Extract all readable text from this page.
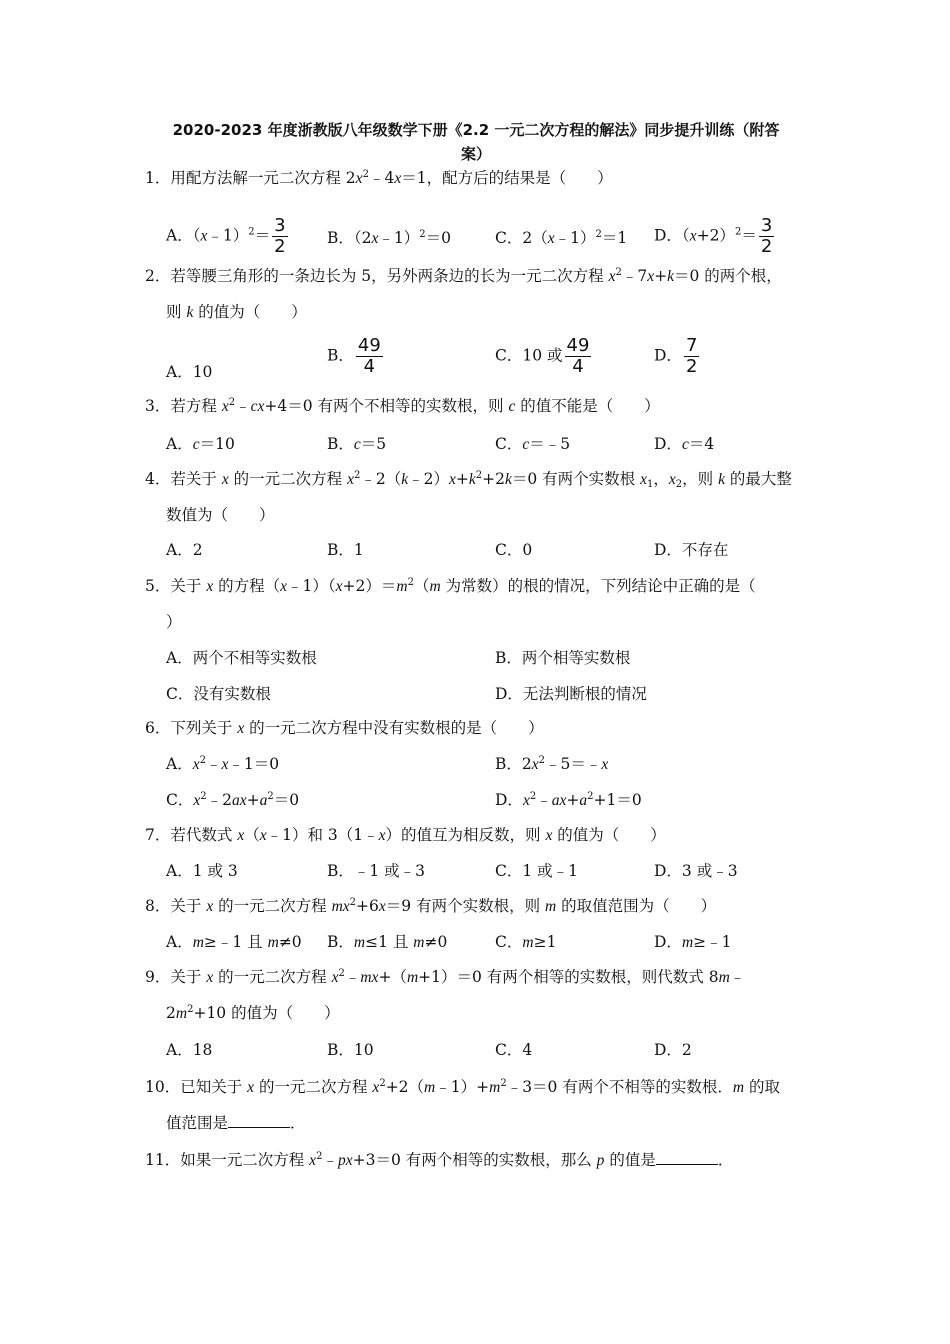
2020-2023 年度浙教版八年级数学下册《2.2 一元二次方程的解法》同步提升训练（附答
案）
1．用配方法解一元二次方程 $2x^2﹣4x=1$，配方后的结果是（　　）
A．（x﹣1）$^2$＝ $\frac{3}{2}$	B．（2x﹣1）$^2$＝0	C．2（x﹣1）$^2$＝1 D．$(x+2)^2= \frac{3}{2}$
2．若等腰三角形的一条边长为 5，另外两条边的长为一元二次方程 $x^2﹣7x+k=0$ 的两个根，
则 k 的值为（　　）
A．10
B． $\frac{49}{4}$	C．10 或 $\frac{49}{4}$	D． $\frac{7}{2}$
3．若方程 $x^2﹣cx+4=0$ 有两个不相等的实数根，则 c 的值不能是（　　）
A．c＝10	B．c＝5	C．c＝﹣5	D．c＝4
4．若关于 x 的一元二次方程 $x^2﹣2(k﹣2)x+k^2+2k=0$ 有两个实数根 $x_1$，$x_2$，则 k 的最大整
数值为（　　）
A．2	B．1	C．0	D．不存在
5．关于 x 的方程$(x﹣1)(x+2)=m^2(m$ 为常数）的根的情况，下列结论中正确的是（
）
A．两个不相等实数根	B．两个相等实数根
C．没有实数根	D．无法判断根的情况
6．下列关于 x 的一元二次方程中没有实数根的是（　　）
A．$x^2﹣x﹣1=0$	B．$2x^2﹣5=﹣x$
C．$x^2﹣2ax+a^2=0$	D．$x^2﹣ax+a^2+1=0$
7．若代数式 x（x﹣1）和 3（1﹣x）的值互为相反数，则 x 的值为（　　）
A．1 或 3	B．﹣1 或﹣3	C．1 或﹣1	D．3 或﹣3
8．关于 x 的一元二次方程 $mx^2+6x=9$ 有两个实数根，则 m 的取值范围为（　　）
A．m≥﹣1 且 m≠0 B．m≤1 且 m≠0	C．m≥1	D．m≥﹣1
9．关于 x 的一元二次方程 $x^2﹣mx+(m+1)=0$ 有两个相等的实数根，则代数式 8m﹣
$2m^2+10$ 的值为（　　）
A．18	B．10	C．4	D．2
10．已知关于 x 的一元二次方程 $x^2+2(m﹣1)+m^2﹣3=0$ 有两个不相等的实数根．m 的取
值范围是	．
11．如果一元二次方程 $x^2﹣px+3=0$ 有两个相等的实数根，那么 p 的值是	．
